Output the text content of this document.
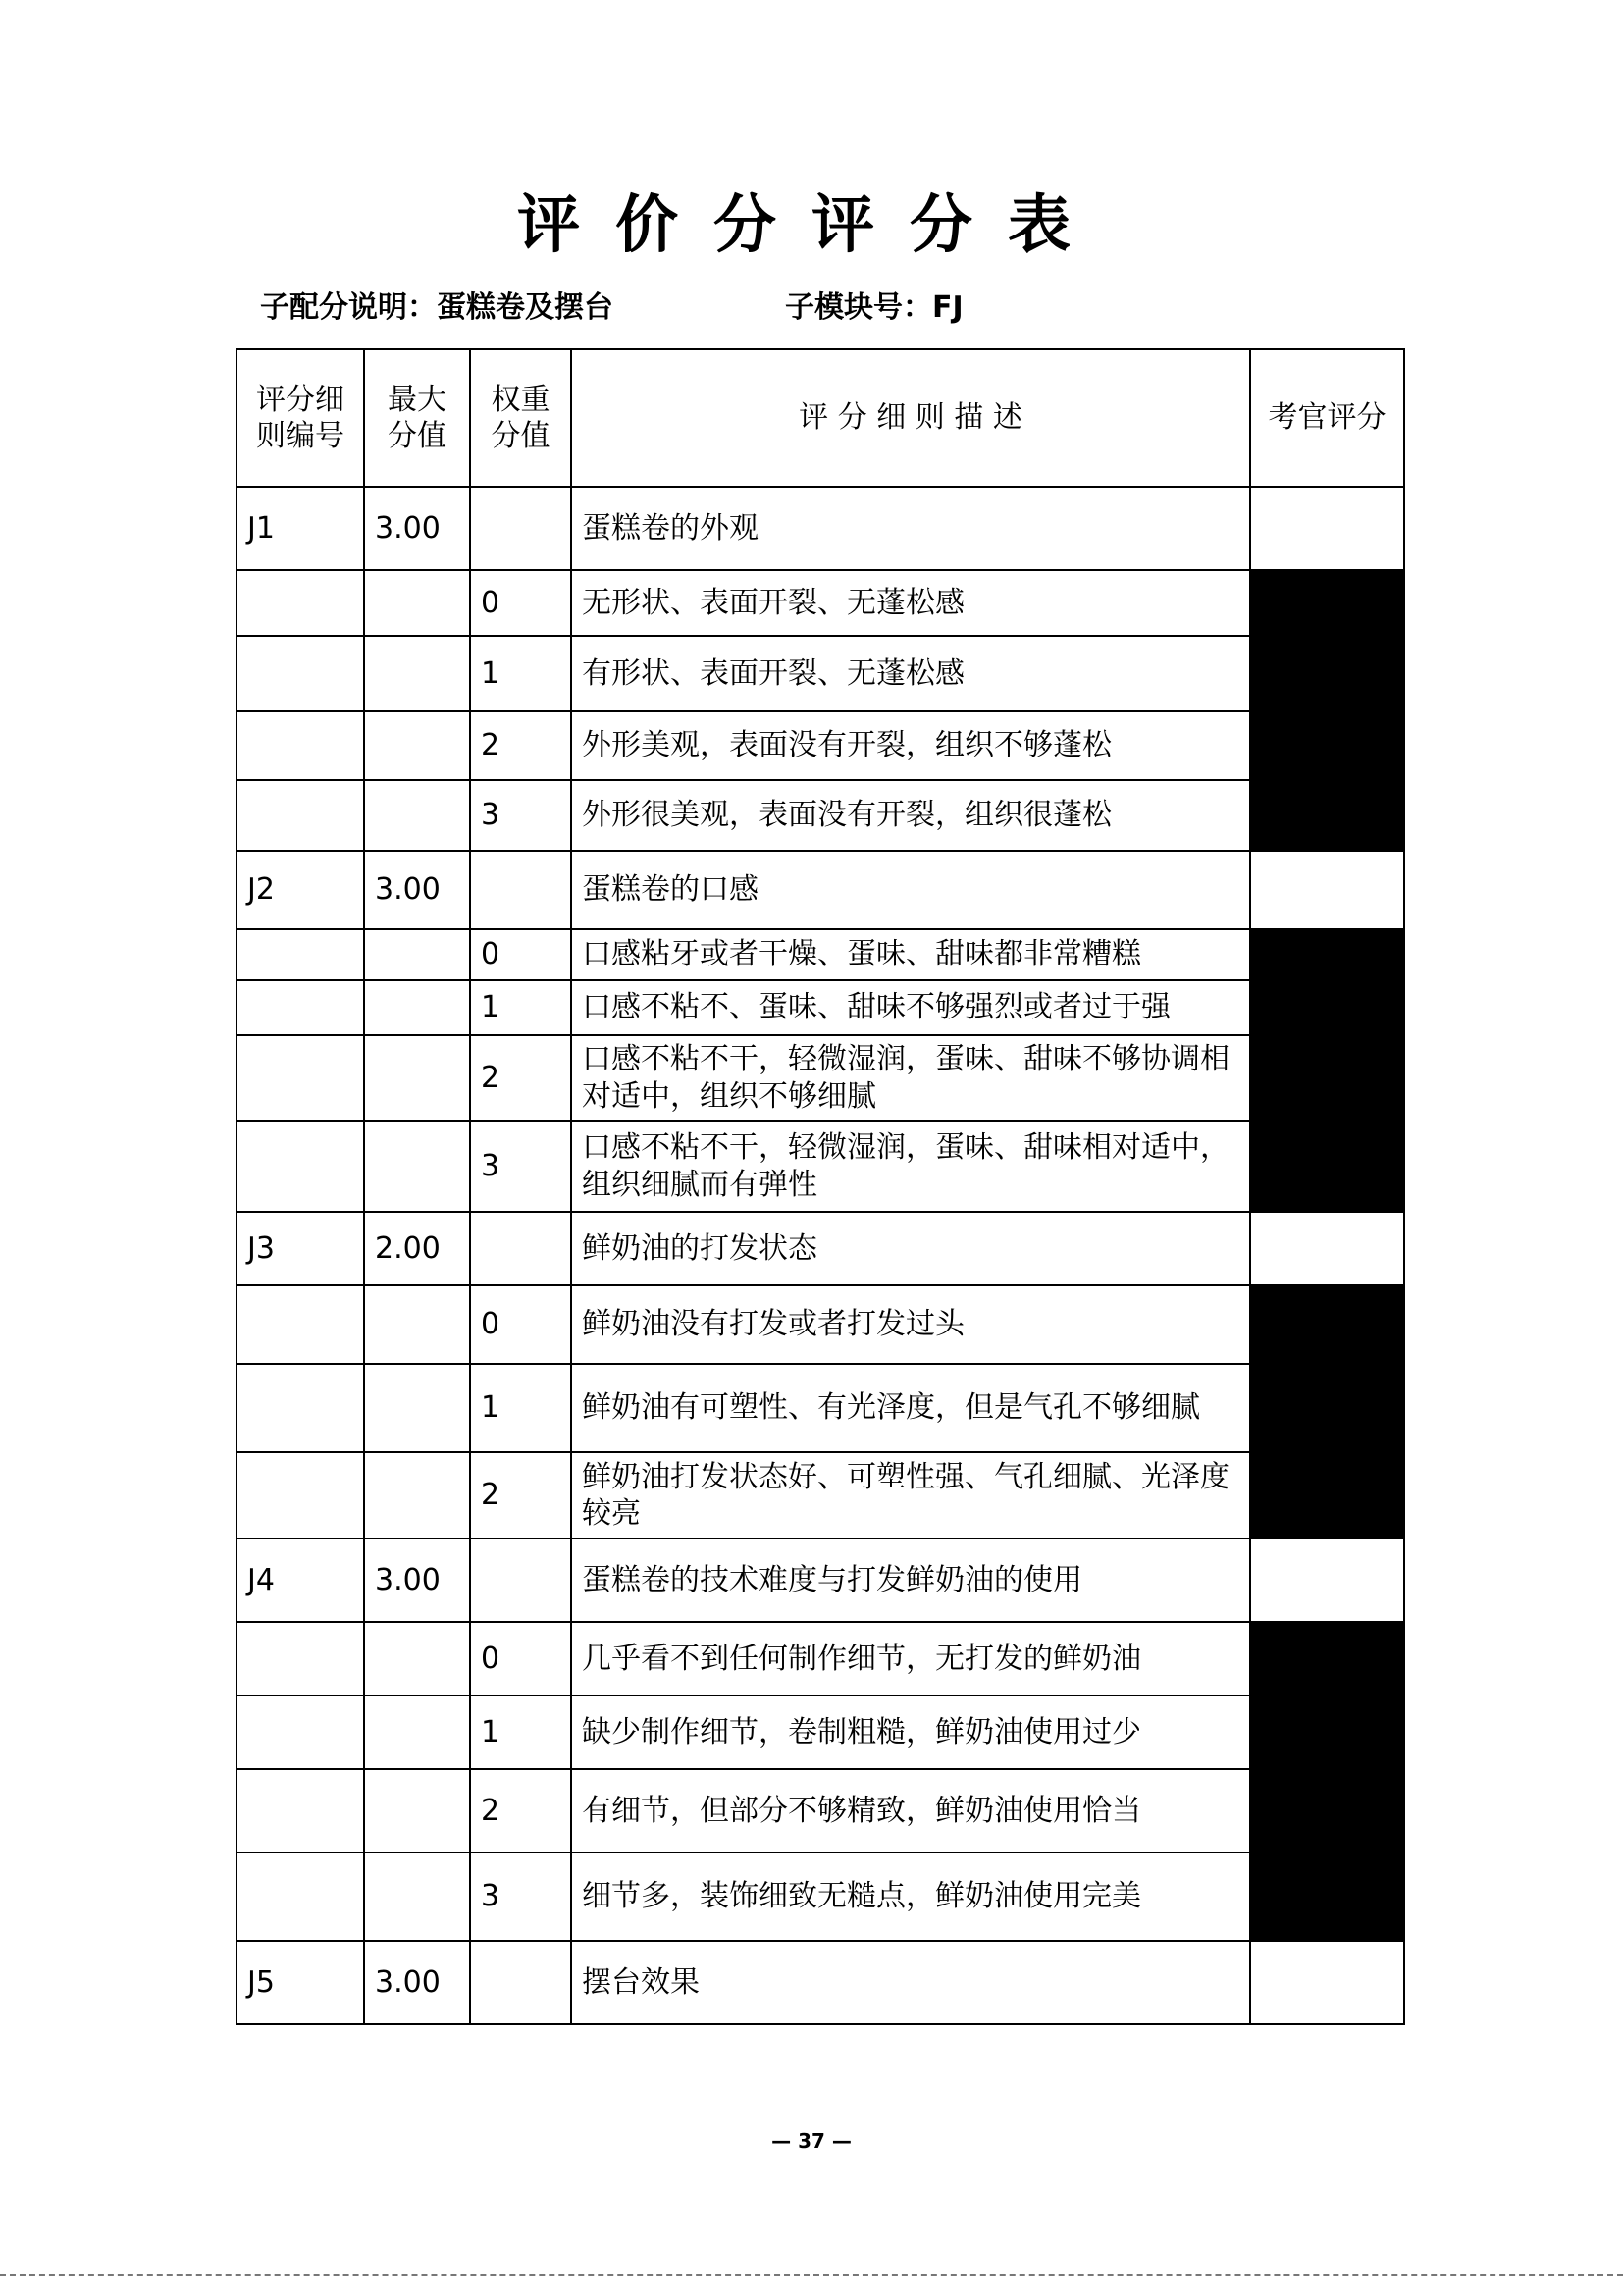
评价分评分表
子配分说明：蛋糕卷及摆台	子模块号：FJ
评分细则编号	最大分值	权重分值	评 分 细 则 描 述	考官评分
J1	3.00		蛋糕卷的外观	
		0	无形状、表面开裂、无蓬松感	
		1	有形状、表面开裂、无蓬松感	
		2	外形美观，表面没有开裂，组织不够蓬松	
		3	外形很美观，表面没有开裂，组织很蓬松	
J2	3.00		蛋糕卷的口感	
		0	口感粘牙或者干燥、蛋味、甜味都非常糟糕	
		1	口感不粘不、蛋味、甜味不够强烈或者过于强	
		2	口感不粘不干，轻微湿润，蛋味、甜味不够协调相对适中，组织不够细腻	
		3	口感不粘不干，轻微湿润，蛋味、甜味相对适中，组织细腻而有弹性	
J3	2.00		鲜奶油的打发状态	
		0	鲜奶油没有打发或者打发过头	
		1	鲜奶油有可塑性、有光泽度，但是气孔不够细腻	
		2	鲜奶油打发状态好、可塑性强、气孔细腻、光泽度较亮	
J4	3.00		蛋糕卷的技术难度与打发鲜奶油的使用	
		0	几乎看不到任何制作细节，无打发的鲜奶油	
		1	缺少制作细节，卷制粗糙，鲜奶油使用过少	
		2	有细节，但部分不够精致，鲜奶油使用恰当	
		3	细节多，装饰细致无糙点，鲜奶油使用完美	
J5	3.00		摆台效果	
— 37 —
